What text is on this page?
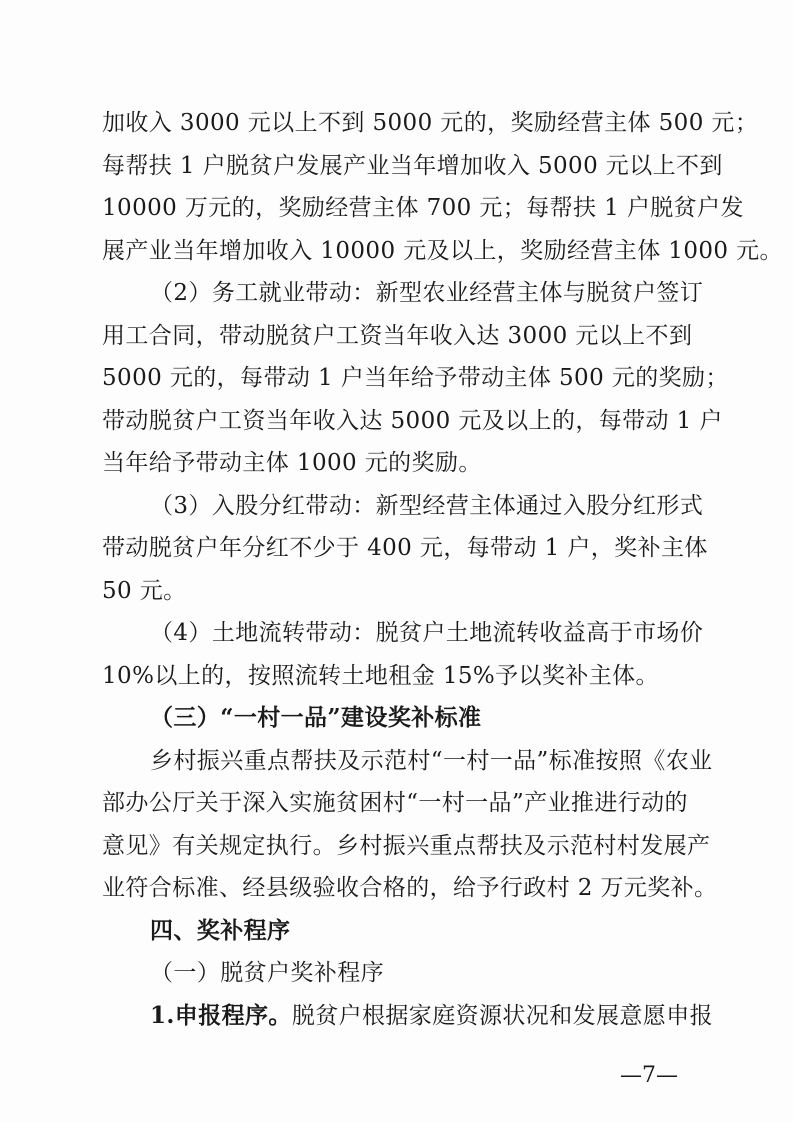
加收入 3000 元以上不到 5000 元的，奖励经营主体 500 元；
每帮扶 1 户脱贫户发展产业当年增加收入 5000 元以上不到
10000 万元的，奖励经营主体 700 元；每帮扶 1 户脱贫户发
展产业当年增加收入 10000 元及以上，奖励经营主体 1000 元。
（2）务工就业带动：新型农业经营主体与脱贫户签订
用工合同，带动脱贫户工资当年收入达 3000 元以上不到
5000 元的，每带动 1 户当年给予带动主体 500 元的奖励；
带动脱贫户工资当年收入达 5000 元及以上的，每带动 1 户
当年给予带动主体 1000 元的奖励。
（3）入股分红带动：新型经营主体通过入股分红形式
带动脱贫户年分红不少于 400 元，每带动 1 户，奖补主体
50 元。
（4）土地流转带动：脱贫户土地流转收益高于市场价
10%以上的，按照流转土地租金 15%予以奖补主体。
（三）“一村一品”建设奖补标准
乡村振兴重点帮扶及示范村“一村一品”标准按照《农业
部办公厅关于深入实施贫困村“一村一品”产业推进行动的
意见》有关规定执行。乡村振兴重点帮扶及示范村村发展产
业符合标准、经县级验收合格的，给予行政村 2 万元奖补。
四、奖补程序
（一）脱贫户奖补程序
1.申报程序。脱贫户根据家庭资源状况和发展意愿申报
—7—
